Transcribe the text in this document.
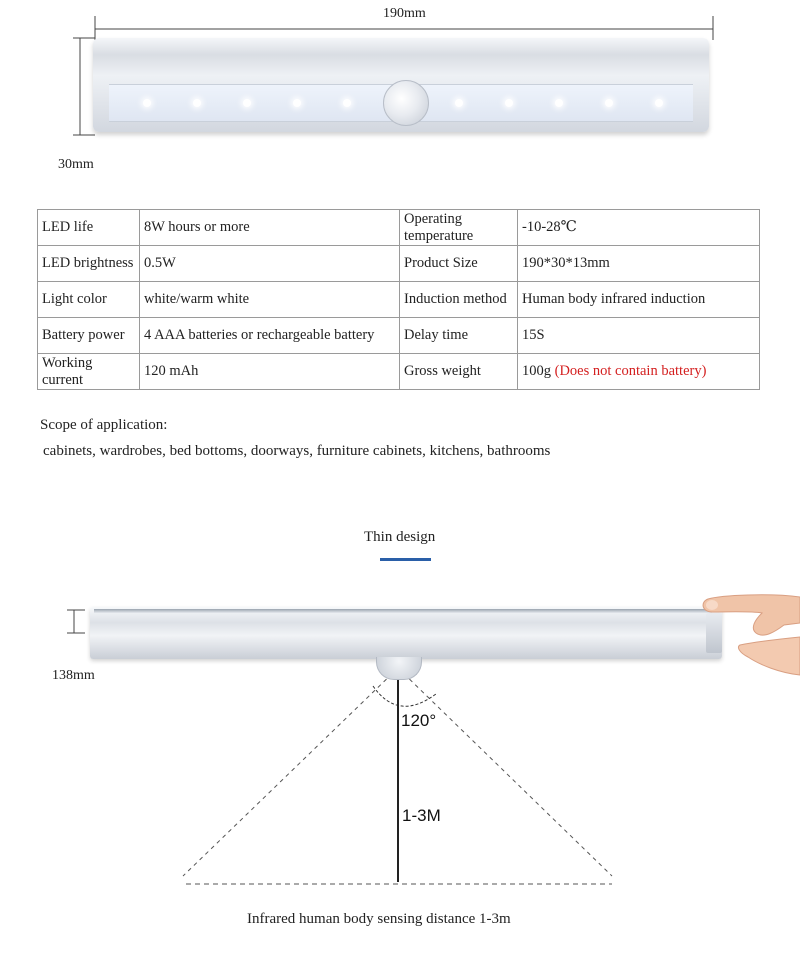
190mm
30mm
LED life	8W hours or more	Operating temperature	-10-28℃
LED brightness	0.5W	Product Size	190*30*13mm
Light color	white/warm white	Induction method	Human body infrared induction
Battery power	4 AAA batteries or rechargeable battery	Delay time	15S
Working current	120 mAh	Gross weight	100g (Does not contain battery)
Scope of application:
cabinets, wardrobes, bed bottoms, doorways, furniture cabinets, kitchens, bathrooms
Thin design
138mm
120°
1-3M
Infrared human body sensing distance 1-3m
